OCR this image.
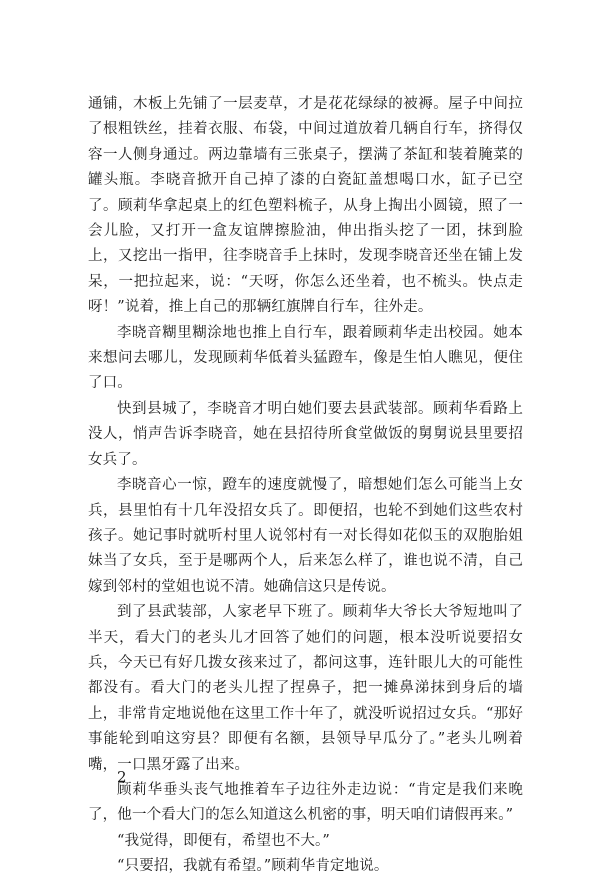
通铺，木板上先铺了一层麦草，才是花花绿绿的被褥。屋子中间拉了根粗铁丝，挂着衣服、布袋，中间过道放着几辆自行车，挤得仅容一人侧身通过。两边靠墙有三张桌子，摆满了茶缸和装着腌菜的罐头瓶。李晓音掀开自己掉了漆的白瓷缸盖想喝口水，缸子已空了。顾莉华拿起桌上的红色塑料梳子，从身上掏出小圆镜，照了一会儿脸，又打开一盒友谊牌擦脸油，伸出指头挖了一团，抹到脸上，又挖出一指甲，往李晓音手上抹时，发现李晓音还坐在铺上发呆，一把拉起来，说：“天呀，你怎么还坐着，也不梳头。快点走呀！”说着，推上自己的那辆红旗牌自行车，往外走。

李晓音糊里糊涂地也推上自行车，跟着顾莉华走出校园。她本来想问去哪儿，发现顾莉华低着头猛蹬车，像是生怕人瞧见，便住了口。

快到县城了，李晓音才明白她们要去县武装部。顾莉华看路上没人，悄声告诉李晓音，她在县招待所食堂做饭的舅舅说县里要招女兵了。

李晓音心一惊，蹬车的速度就慢了，暗想她们怎么可能当上女兵，县里怕有十几年没招女兵了。即便招，也轮不到她们这些农村孩子。她记事时就听村里人说邻村有一对长得如花似玉的双胞胎姐妹当了女兵，至于是哪两个人，后来怎么样了，谁也说不清，自己嫁到邻村的堂姐也说不清。她确信这只是传说。

到了县武装部，人家老早下班了。顾莉华大爷长大爷短地叫了半天，看大门的老头儿才回答了她们的问题，根本没听说要招女兵，今天已有好几拨女孩来过了，都问这事，连针眼儿大的可能性都没有。看大门的老头儿捏了捏鼻子，把一摊鼻涕抹到身后的墙上，非常肯定地说他在这里工作十年了，就没听说招过女兵。“那好事能轮到咱这穷县？即便有名额，县领导早瓜分了。”老头儿咧着嘴，一口黑牙露了出来。

顾莉华垂头丧气地推着车子边往外走边说：“肯定是我们来晚了，他一个看大门的怎么知道这么机密的事，明天咱们请假再来。”

“我觉得，即便有，希望也不大。”

“只要招，我就有希望。”顾莉华肯定地说。

2
